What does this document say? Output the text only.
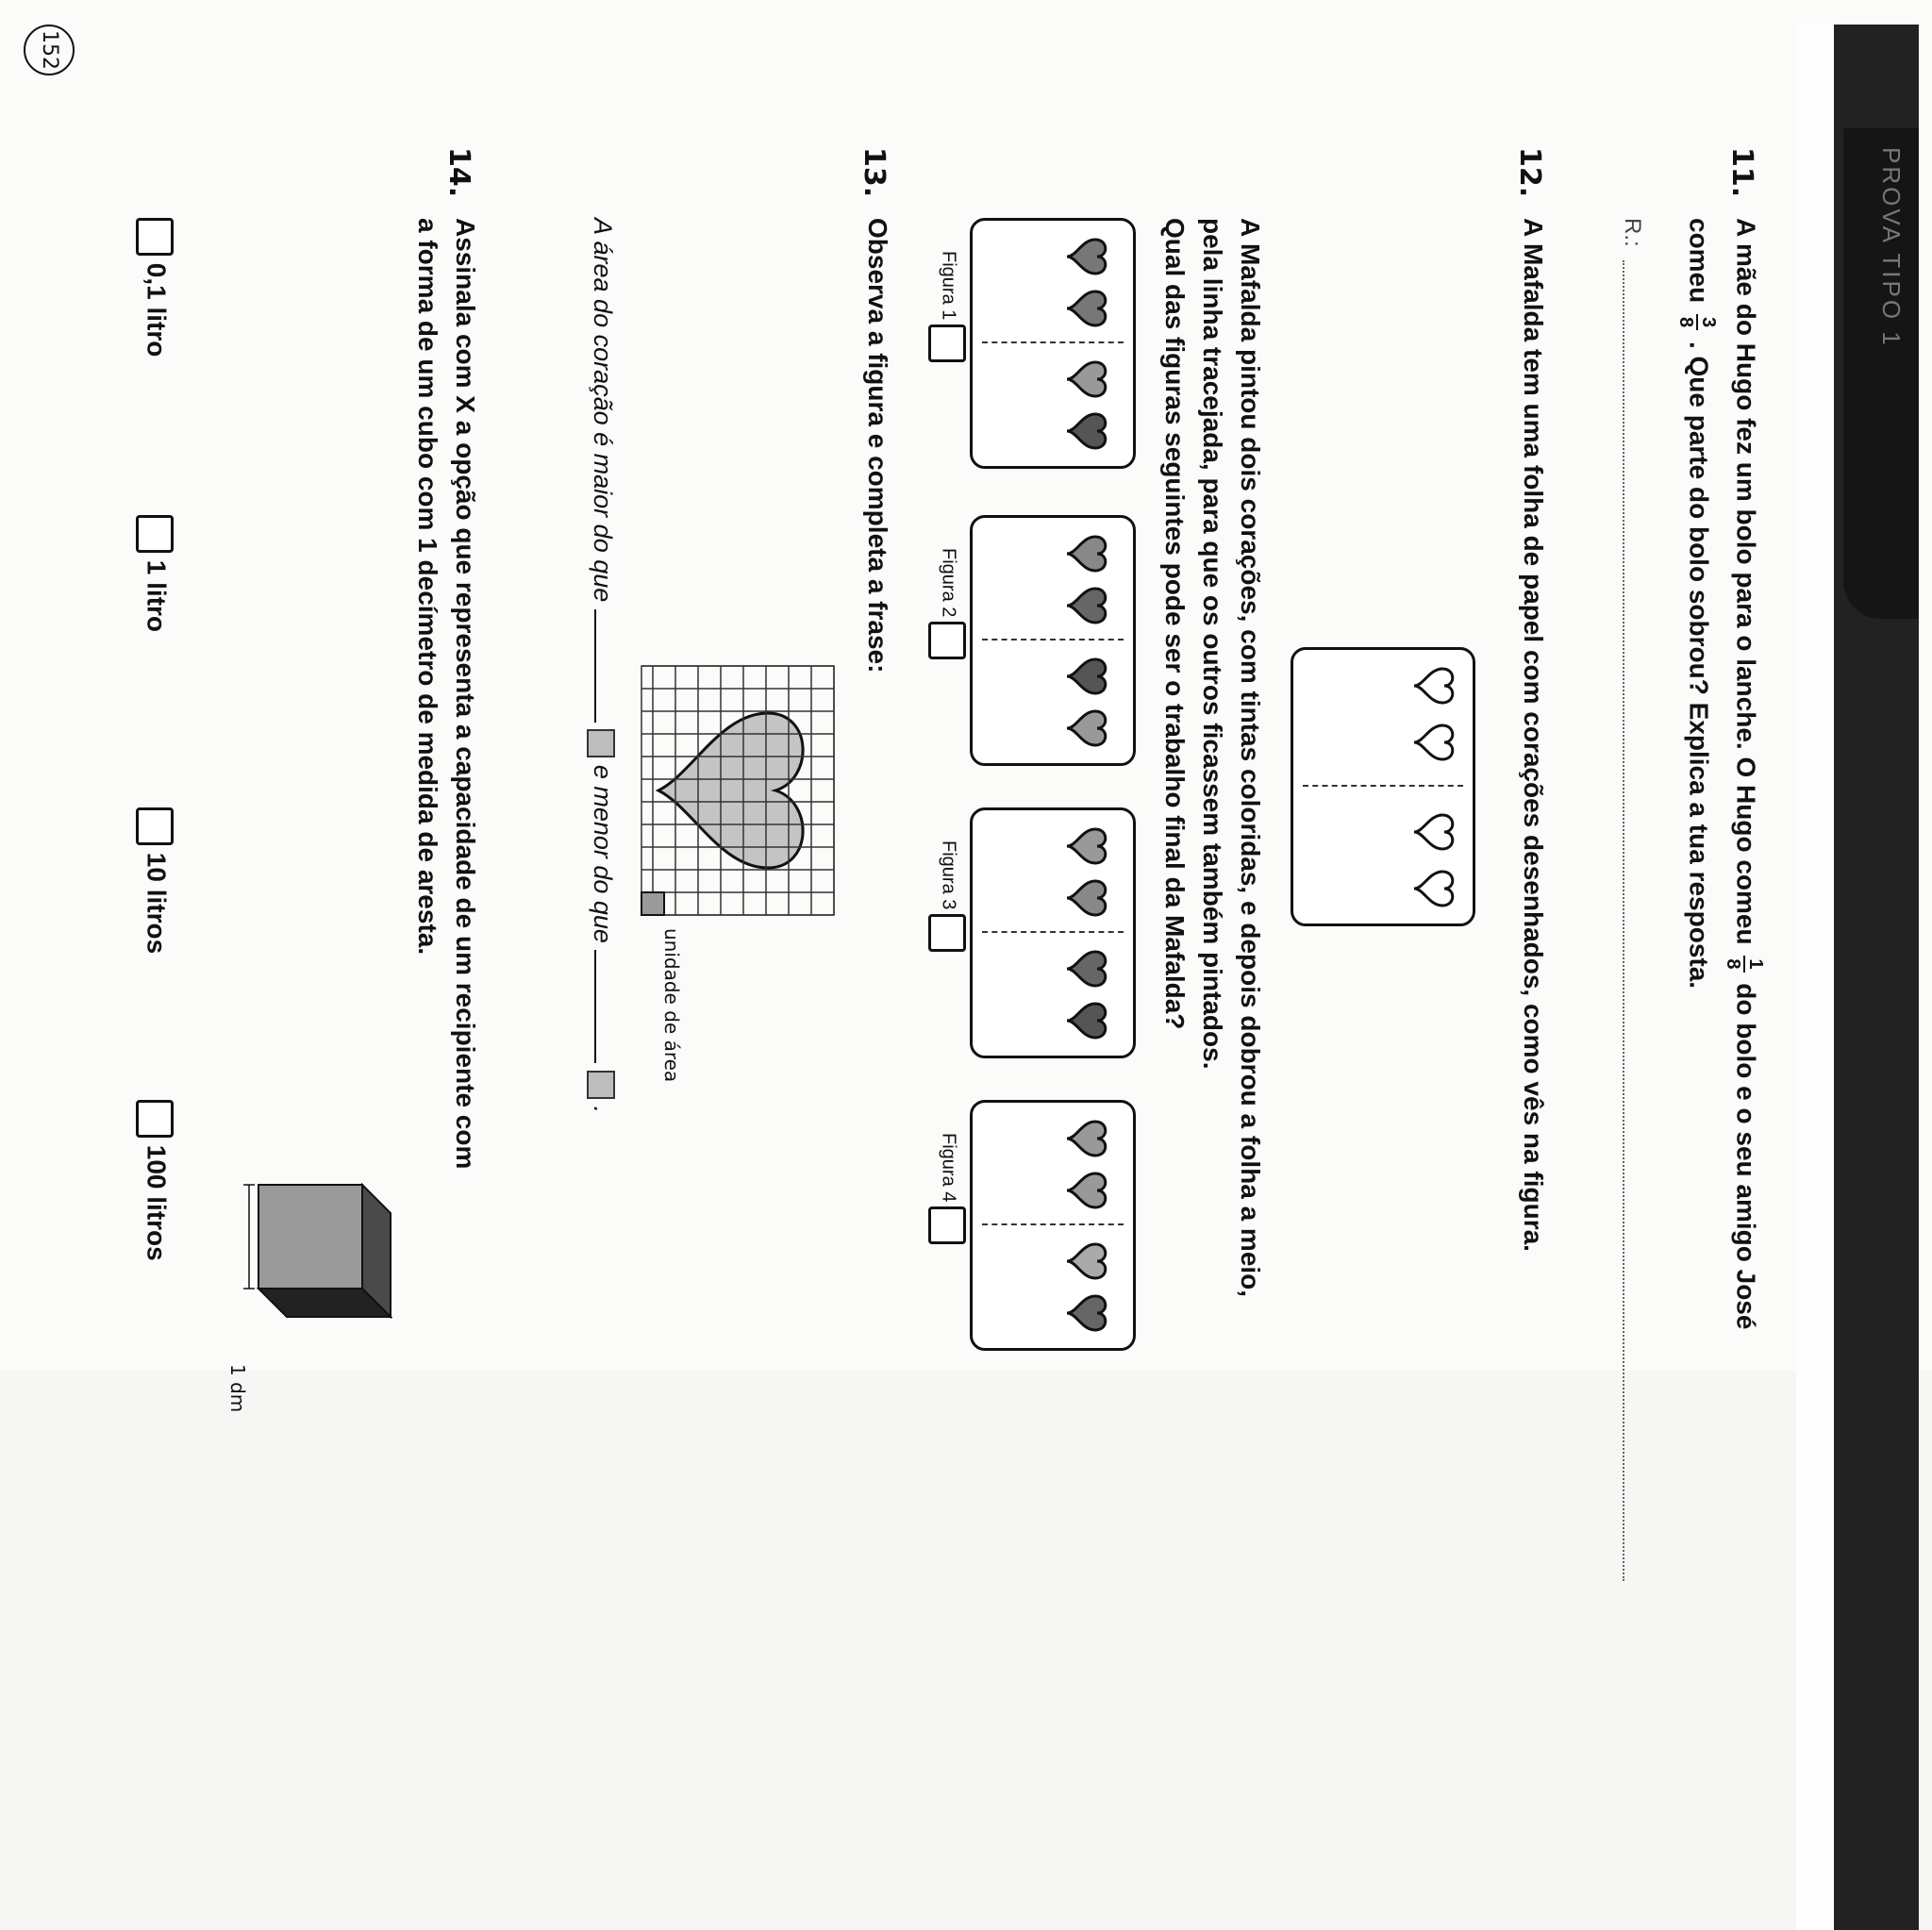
PROVA TIPO 1
11.
A mãe do Hugo fez um bolo para o lanche. O Hugo comeu
1
8
do bolo e o seu amigo José
comeu
3
8
. Que parte do bolo sobrou? Explica a tua resposta.
R.:
12.
A Mafalda tem uma folha de papel com corações desenhados, como vês na figura.
A Mafalda pintou dois corações, com tintas coloridas, e depois dobrou a folha a meio,
pela linha tracejada, para que os outros ficassem também pintados.
Qual das figuras seguintes pode ser o trabalho final da Mafalda?
Figura 1
Figura 2
Figura 3
Figura 4
13.
Observa a figura e completa a frase:
unidade de área
A área do coração é maior do que   e menor do que   .
14.
Assinala com X a opção que representa a capacidade de um recipiente com
a forma de um cubo com 1 decímetro de medida de aresta.
1 dm
0,1 litro
1 litro
10 litros
100 litros
152
